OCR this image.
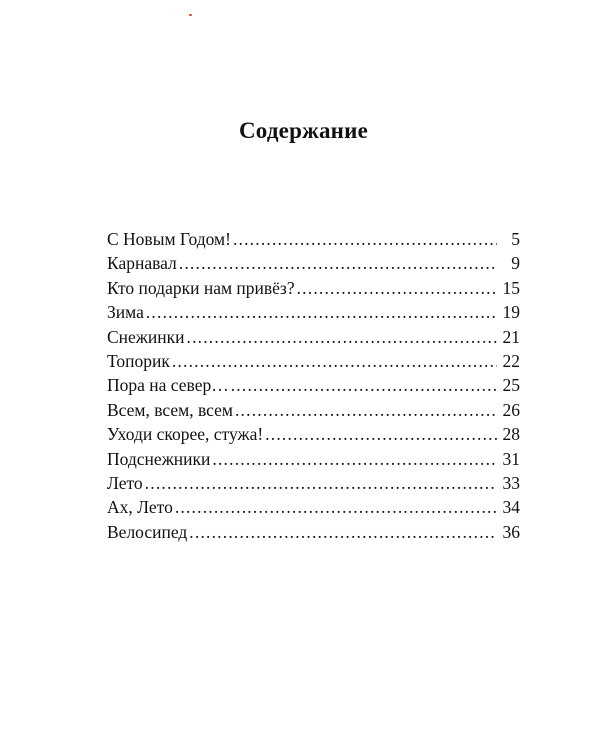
Содержание
С Новым Годом! .....	5
Карнавал .....	9
Кто подарки нам привёз? .....	15
Зима .....	19
Снежинки .....	21
Топорик .....	22
Пора на север… .....	25
Всем, всем, всем .....	26
Уходи скорее, стужа! .....	28
Подснежники .....	31
Лето .....	33
Ах, Лето .....	34
Велосипед .....	36
